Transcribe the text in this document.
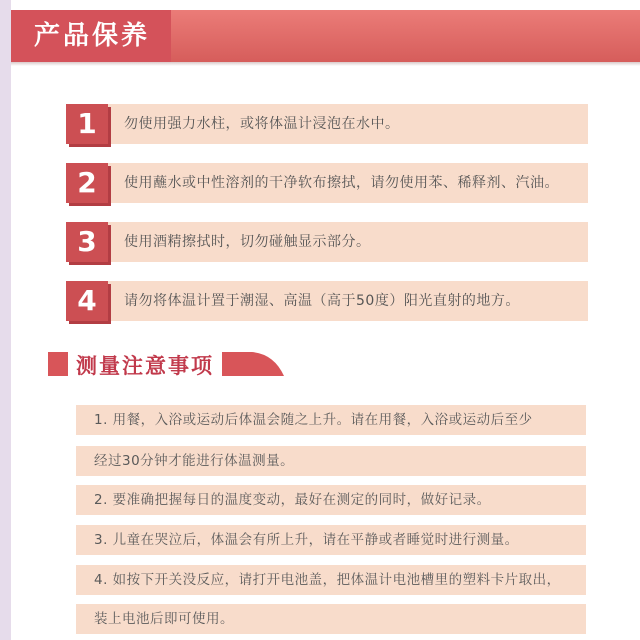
产品保养
1	勿使用强力水柱，或将体温计浸泡在水中。
2	使用蘸水或中性溶剂的干净软布擦拭，请勿使用苯、稀释剂、汽油。
3	使用酒精擦拭时，切勿碰触显示部分。
4	请勿将体温计置于潮湿、高温（高于50度）阳光直射的地方。
测量注意事项
1. 用餐，入浴或运动后体温会随之上升。请在用餐，入浴或运动后至少
经过30分钟才能进行体温测量。
2. 要准确把握每日的温度变动，最好在测定的同时，做好记录。
3. 儿童在哭泣后，体温会有所上升，请在平静或者睡觉时进行测量。
4. 如按下开关没反应，请打开电池盖，把体温计电池槽里的塑料卡片取出，
装上电池后即可使用。
